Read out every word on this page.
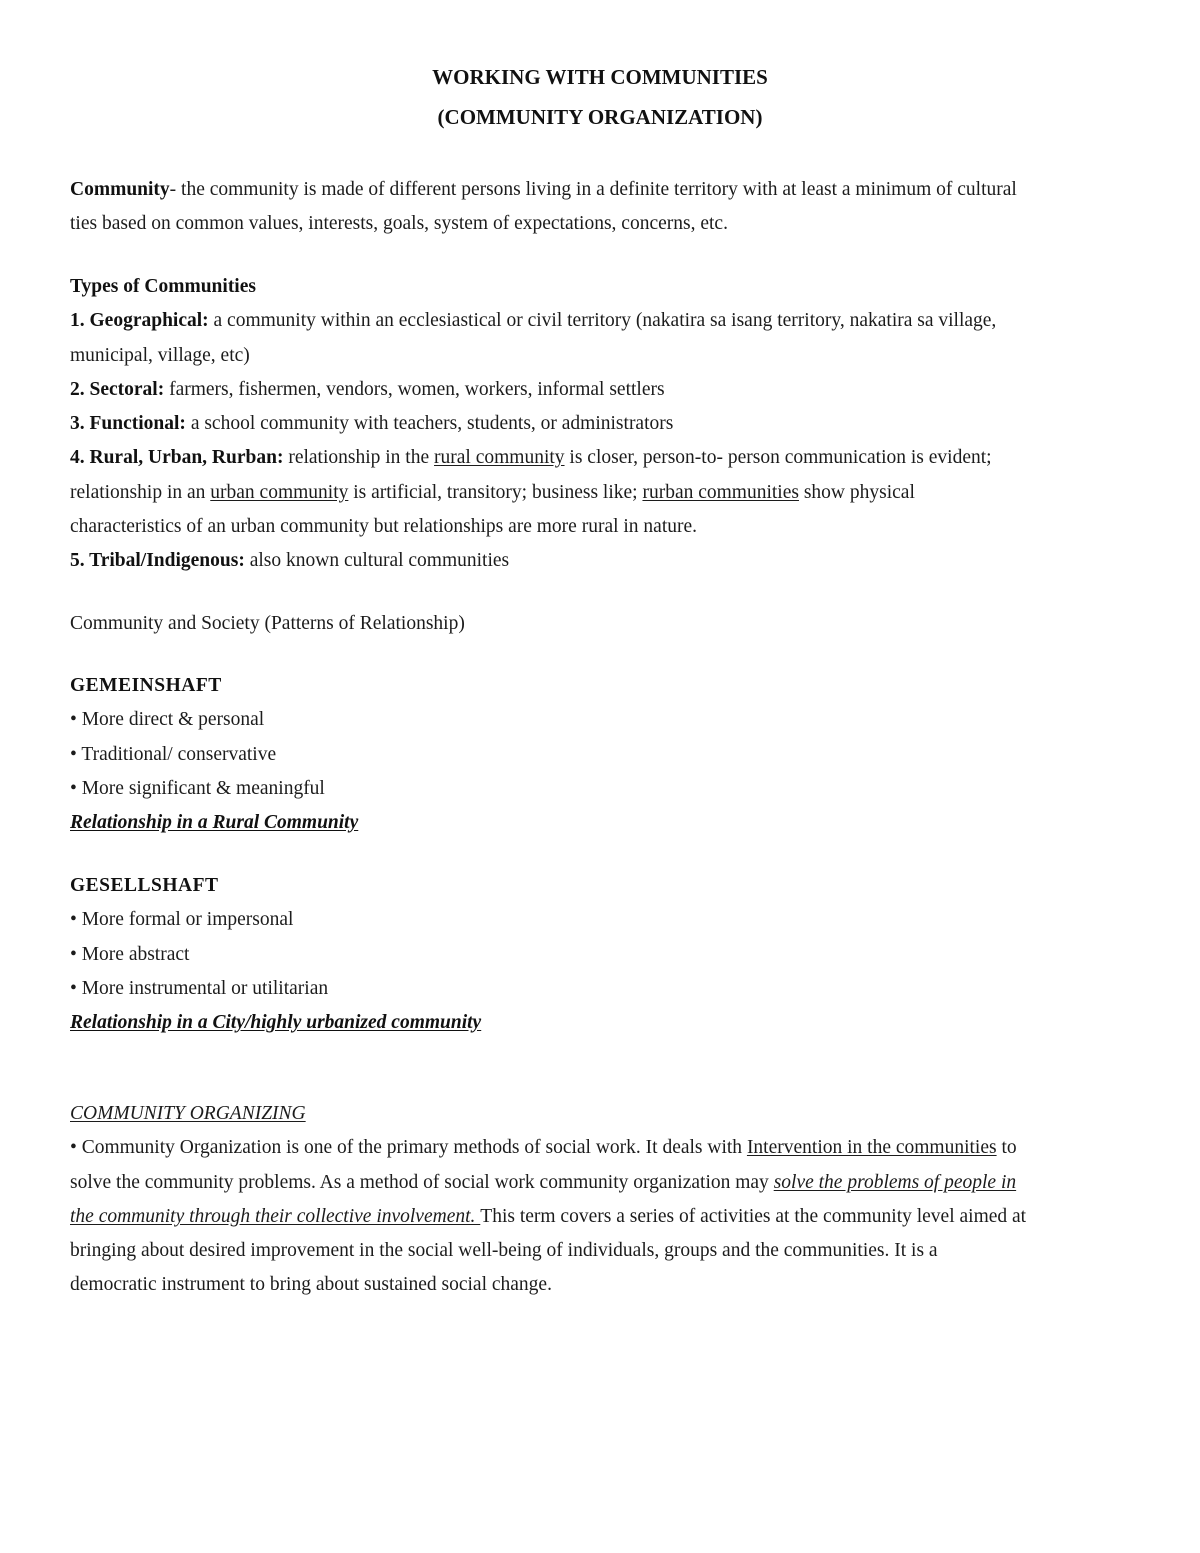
WORKING WITH COMMUNITIES
(COMMUNITY ORGANIZATION)
Community- the community is made of different persons living in a definite territory with at least a minimum of cultural
ties based on common values, interests, goals, system of expectations, concerns, etc.
Types of Communities
1. Geographical: a community within an ecclesiastical or civil territory (nakatira sa isang territory, nakatira sa village,
municipal, village, etc)
2. Sectoral: farmers, fishermen, vendors, women, workers, informal settlers
3. Functional: a school community with teachers, students, or administrators
4. Rural, Urban, Rurban: relationship in the rural community is closer, person-to- person communication is evident;
relationship in an urban community is artificial, transitory; business like; rurban communities show physical
characteristics of an urban community but relationships are more rural in nature.
5. Tribal/Indigenous: also known cultural communities
Community and Society (Patterns of Relationship)
GEMEINSHAFT
• More direct & personal
• Traditional/ conservative
• More significant & meaningful
Relationship in a Rural Community
GESELLSHAFT
• More formal or impersonal
• More abstract
• More instrumental or utilitarian
Relationship in a City/highly urbanized community
COMMUNITY ORGANIZING
• Community Organization is one of the primary methods of social work. It deals with Intervention in the communities to
solve the community problems. As a method of social work community organization may solve the problems of people in
the community through their collective involvement. This term covers a series of activities at the community level aimed at
bringing about desired improvement in the social well-being of individuals, groups and the communities. It is a
democratic instrument to bring about sustained social change.
